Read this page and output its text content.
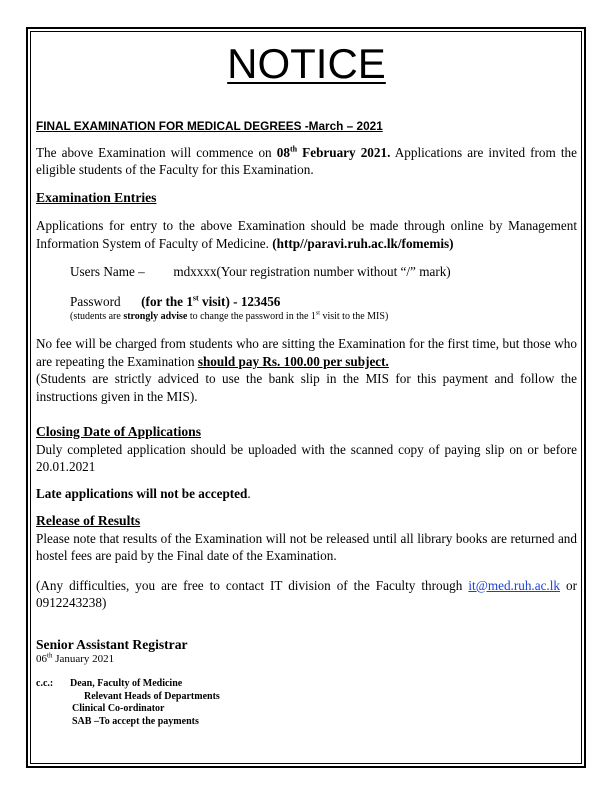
NOTICE
FINAL EXAMINATION FOR MEDICAL DEGREES -March – 2021
The above Examination will commence on 08th February 2021. Applications are invited from the eligible students of the Faculty for this Examination.
Examination Entries
Applications for entry to the above Examination should be made through online by Management Information System of Faculty of Medicine. (http//paravi.ruh.ac.lk/fomemis)
Users Name – mdxxxx(Your registration number without “/” mark)
Password (for the 1st visit) - 123456
(students are strongly advise to change the password in the 1st visit to the MIS)
No fee will be charged from students who are sitting the Examination for the first time, but those who are repeating the Examination should pay Rs. 100.00 per subject.
(Students are strictly adviced to use the bank slip in the MIS for this payment and follow the instructions given in the MIS).
Closing Date of Applications
Duly completed application should be uploaded with the scanned copy of paying slip on or before 20.01.2021
Late applications will not be accepted.
Release of Results
Please note that results of the Examination will not be released until all library books are returned and hostel fees are paid by the Final date of the Examination.
(Any difficulties, you are free to contact IT division of the Faculty through it@med.ruh.ac.lk or 0912243238)
Senior Assistant Registrar
06th January 2021
c.c.:	Dean, Faculty of Medicine
Relevant Heads of Departments
Clinical Co-ordinator
SAB –To accept the payments
